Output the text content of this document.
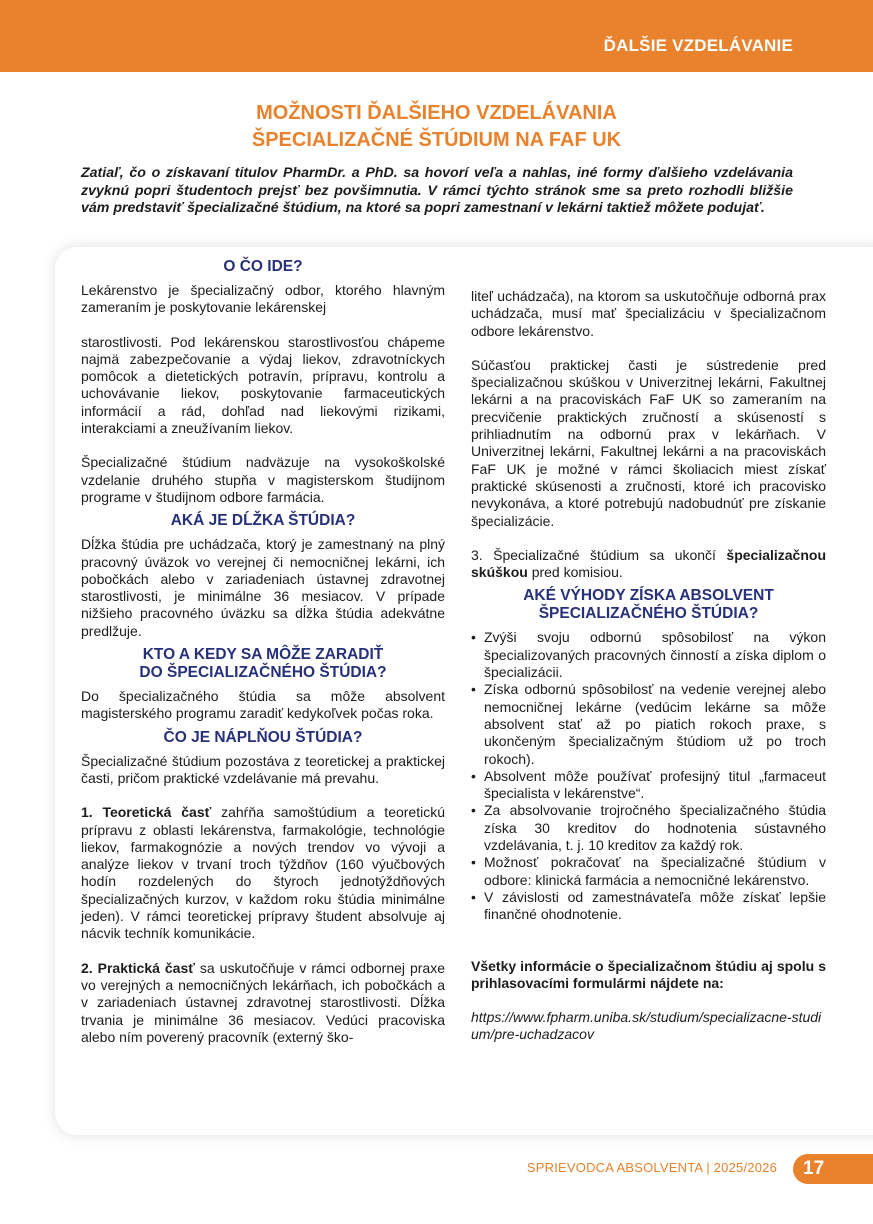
ĎALŠIE VZDELÁVANIE
MOŽNOSTI ĎALŠIEHO VZDELÁVANIA
ŠPECIALIZAČNÉ ŠTÚDIUM NA FAF UK
Zatiaľ, čo o získavaní titulov PharmDr. a PhD. sa hovorí veľa a nahlas, iné formy ďalšieho vzdelávania zvyknú popri študentoch prejsť bez povšimnutia. V rámci týchto stránok sme sa preto rozhodli bližšie vám predstaviť špecializačné štúdium, na ktoré sa popri zamestnaní v lekárni taktiež môžete podujať.
O ČO IDE?

Lekárenstvo je špecializačný odbor, ktorého hlavným zameraním je poskytovanie lekárenskej

starostlivosti. Pod lekárenskou starostlivosťou chápeme najmä zabezpečovanie a výdaj liekov, zdravotníckych pomôcok a dietetických potravín, prípravu, kontrolu a uchovávanie liekov, poskytovanie farmaceutických informácií a rád, dohľad nad liekovými rizikami, interakciami a zneužívaním liekov.

Špecializačné štúdium nadväzuje na vysokoškolské vzdelanie druhého stupňa v magisterskom študijnom programe v študijnom odbore farmácia.

AKÁ JE DĹŽKA ŠTÚDIA?

Dĺžka štúdia pre uchádzača, ktorý je zamestnaný na plný pracovný úväzok vo verejnej či nemocničnej lekárni, ich pobočkách alebo v zariadeniach ústavnej zdravotnej starostlivosti, je minimálne 36 mesiacov. V prípade nižšieho pracovného úväzku sa dĺžka štúdia adekvátne predlžuje.

KTO A KEDY SA MÔŽE ZARADIŤ
DO ŠPECIALIZAČNÉHO ŠTÚDIA?

Do špecializačného štúdia sa môže absolvent magisterského programu zaradiť kedykoľvek počas roka.

ČO JE NÁPLŇOU ŠTÚDIA?

Špecializačné štúdium pozostáva z teoretickej a praktickej časti, pričom praktické vzdelávanie má prevahu.

1. Teoretická časť zahŕňa samoštúdium a teoretickú prípravu z oblasti lekárenstva, farmakológie, technológie liekov, farmakognózie a nových trendov vo vývoji a analýze liekov v trvaní troch týždňov (160 výučbových hodín rozdelených do štyroch jednotýždňových špecializačných kurzov, v každom roku štúdia minimálne jeden). V rámci teoretickej prípravy študent absolvuje aj nácvik techník komunikácie.

2. Praktická časť sa uskutočňuje v rámci odbornej praxe vo verejných a nemocničných lekárňach, ich pobočkách a v zariadeniach ústavnej zdravotnej starostlivosti. Dĺžka trvania je minimálne 36 mesiacov. Vedúci pracoviska alebo ním poverený pracovník (externý ško-

liteľ uchádzača), na ktorom sa uskutočňuje odborná prax uchádzača, musí mať špecializáciu v špecializačnom odbore lekárenstvo.

Súčasťou praktickej časti je sústredenie pred špecializačnou skúškou v Univerzitnej lekárni, Fakultnej lekárni a na pracoviskách FaF UK so zameraním na precvičenie praktických zručností a skúseností s prihliadnutím na odbornú prax v lekárňach. V Univerzitnej lekárni, Fakultnej lekárni a na pracoviskách FaF UK je možné v rámci školiacich miest získať praktické skúsenosti a zručnosti, ktoré ich pracovisko nevykonáva, a ktoré potrebujú nadobudnúť pre získanie špecializácie.

3. Špecializačné štúdium sa ukončí špecializačnou skúškou pred komisiou.

AKÉ VÝHODY ZÍSKA ABSOLVENT
ŠPECIALIZAČNÉHO ŠTÚDIA?
• Zvýši svoju odbornú spôsobilosť na výkon špecializovaných pracovných činností a získa diplom o špecializácii.
• Získa odbornú spôsobilosť na vedenie verejnej alebo nemocničnej lekárne (vedúcim lekárne sa môže absolvent stať až po piatich rokoch praxe, s ukončeným špecializačným štúdiom už po troch rokoch).
• Absolvent môže používať profesijný titul „farmaceut špecialista v lekárenstve“.
• Za absolvovanie trojročného špecializačného štúdia získa 30 kreditov do hodnotenia sústavného vzdelávania, t. j. 10 kreditov za každý rok.
• Možnosť pokračovať na špecializačné štúdium v odbore: klinická farmácia a nemocničné lekárenstvo.
• V závislosti od zamestnávateľa môže získať lepšie finančné ohodnotenie.

Všetky informácie o špecializačnom štúdiu aj spolu s prihlasovacími formulármi nájdete na:

https://www.fpharm.uniba.sk/studium/specializacne-studium/pre-uchadzacov

SPRIEVODCA ABSOLVENTA | 2025/2026 17
